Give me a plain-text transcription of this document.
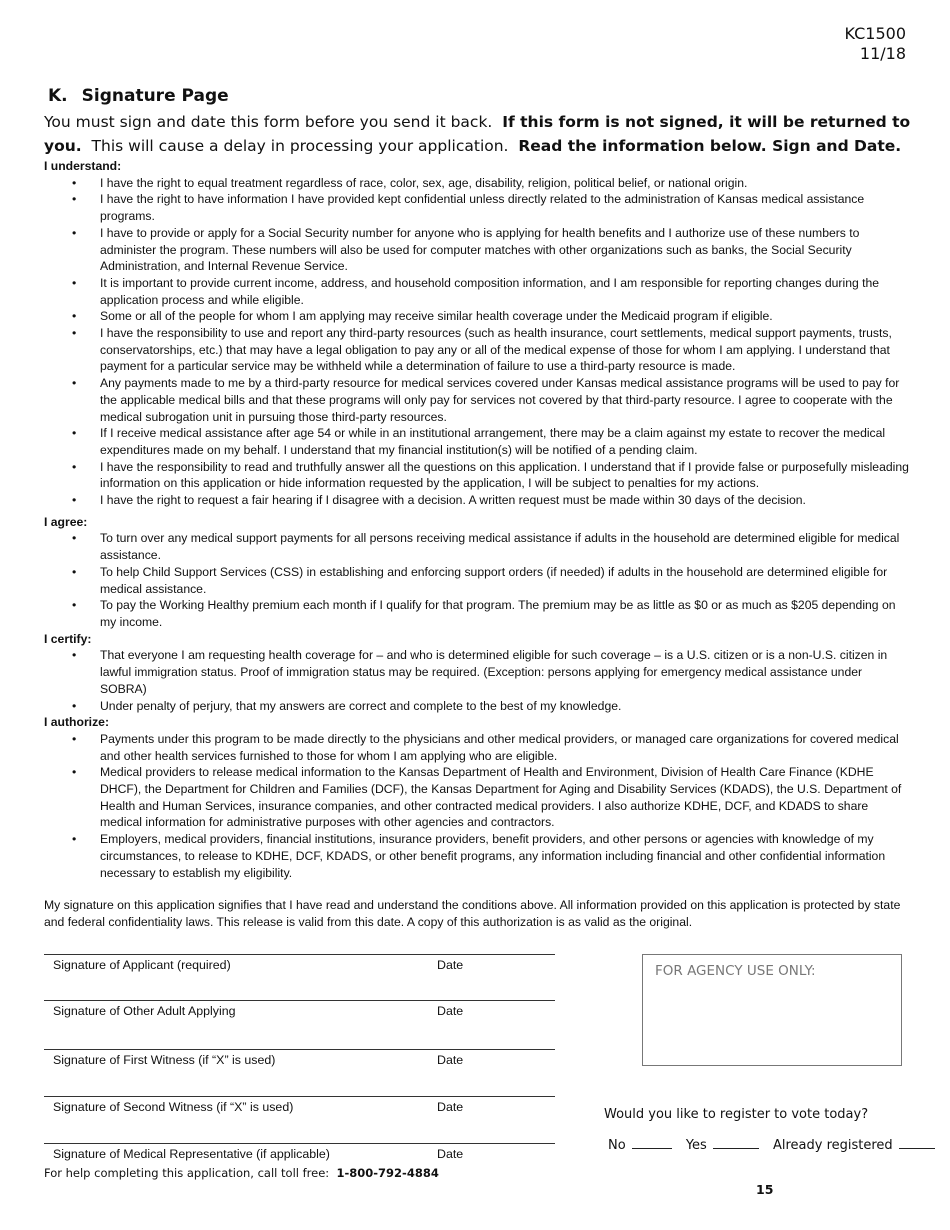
KC1500
11/18
K. Signature Page
You must sign and date this form before you send it back. If this form is not signed, it will be returned to you. This will cause a delay in processing your application. Read the information below. Sign and Date.
I understand:
• I have the right to equal treatment regardless of race, color, sex, age, disability, religion, political belief, or national origin.
• I have the right to have information I have provided kept confidential unless directly related to the administration of Kansas medical assistance programs.
• I have to provide or apply for a Social Security number for anyone who is applying for health benefits and I authorize use of these numbers to administer the program. These numbers will also be used for computer matches with other organizations such as banks, the Social Security Administration, and Internal Revenue Service.
• It is important to provide current income, address, and household composition information, and I am responsible for reporting changes during the application process and while eligible.
• Some or all of the people for whom I am applying may receive similar health coverage under the Medicaid program if eligible.
• I have the responsibility to use and report any third-party resources (such as health insurance, court settlements, medical support payments, trusts, conservatorships, etc.) that may have a legal obligation to pay any or all of the medical expense of those for whom I am applying. I understand that payment for a particular service may be withheld while a determination of failure to use a third-party resource is made.
• Any payments made to me by a third-party resource for medical services covered under Kansas medical assistance programs will be used to pay for the applicable medical bills and that these programs will only pay for services not covered by that third-party resource. I agree to cooperate with the medical subrogation unit in pursuing those third-party resources.
• If I receive medical assistance after age 54 or while in an institutional arrangement, there may be a claim against my estate to recover the medical expenditures made on my behalf. I understand that my financial institution(s) will be notified of a pending claim.
• I have the responsibility to read and truthfully answer all the questions on this application. I understand that if I provide false or purposefully misleading information on this application or hide information requested by the application, I will be subject to penalties for my actions.
• I have the right to request a fair hearing if I disagree with a decision. A written request must be made within 30 days of the decision.
I agree:
• To turn over any medical support payments for all persons receiving medical assistance if adults in the household are determined eligible for medical assistance.
• To help Child Support Services (CSS) in establishing and enforcing support orders (if needed) if adults in the household are determined eligible for medical assistance.
• To pay the Working Healthy premium each month if I qualify for that program. The premium may be as little as $0 or as much as $205 depending on my income.
I certify:
• That everyone I am requesting health coverage for – and who is determined eligible for such coverage – is a U.S. citizen or is a non-U.S. citizen in lawful immigration status. Proof of immigration status may be required. (Exception: persons applying for emergency medical assistance under SOBRA)
• Under penalty of perjury, that my answers are correct and complete to the best of my knowledge.
I authorize:
• Payments under this program to be made directly to the physicians and other medical providers, or managed care organizations for covered medical and other health services furnished to those for whom I am applying who are eligible.
• Medical providers to release medical information to the Kansas Department of Health and Environment, Division of Health Care Finance (KDHE DHCF), the Department for Children and Families (DCF), the Kansas Department for Aging and Disability Services (KDADS), the U.S. Department of Health and Human Services, insurance companies, and other contracted medical providers. I also authorize KDHE, DCF, and KDADS to share medical information for administrative purposes with other agencies and contractors.
• Employers, medical providers, financial institutions, insurance providers, benefit providers, and other persons or agencies with knowledge of my circumstances, to release to KDHE, DCF, KDADS, or other benefit programs, any information including financial and other confidential information necessary to establish my eligibility.
My signature on this application signifies that I have read and understand the conditions above. All information provided on this application is protected by state and federal confidentiality laws. This release is valid from this date. A copy of this authorization is as valid as the original.
Signature of Applicant (required)	Date
Signature of Other Adult Applying	Date
Signature of First Witness (if “X” is used)	Date
Signature of Second Witness (if “X” is used)	Date
Signature of Medical Representative (if applicable)	Date
FOR AGENCY USE ONLY:
Would you like to register to vote today?
No	Yes	Already registered
For help completing this application, call toll free: 1-800-792-4884
15
